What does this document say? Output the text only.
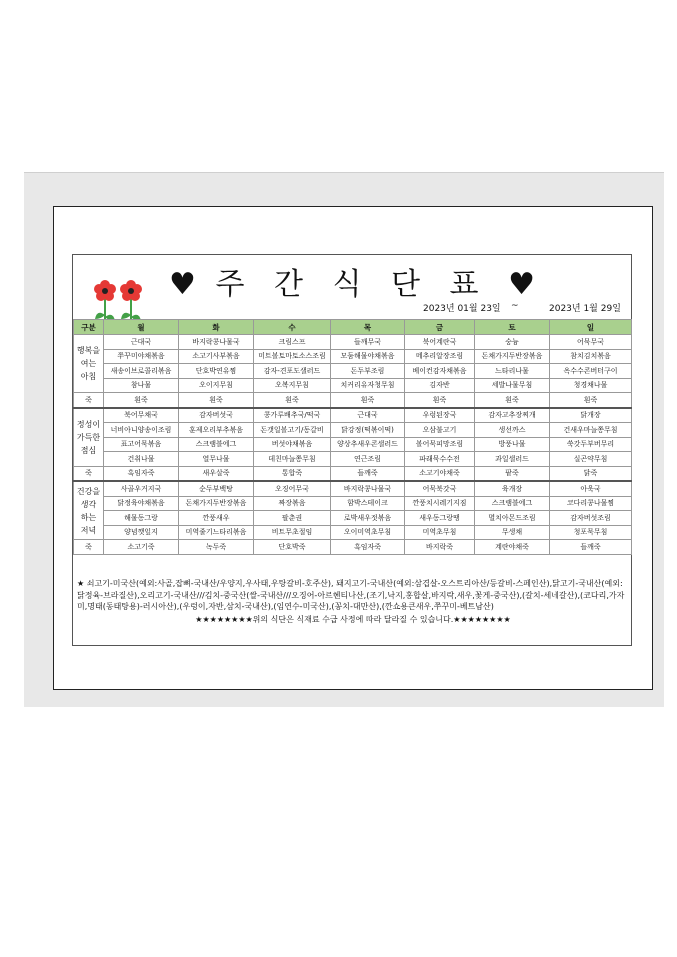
♥ 주 간 식 단 표 ♥
2023년 01월 23일 ~	2023년 1월 29일
구분	월	화	수	목	금	토	일
행복을
여는
아침	근대국	바지락콩나물국	크림스프	들깨무국	북어계란국	숭늉	어묵무국
	쭈꾸미야채볶음	소고기사부볶음	미트볼토마토소스조림	모둠해물야채볶음	메추리알장조림	돈채가지두반장볶음	참치김치볶음
	새송이브로콜리볶음	단호박연유찜	감자-견포도샐러드	돈두부조림	베이컨감자채볶음	느타리나물	옥수수콘버터구이
	참나물	오이지무침	오복지무침	치커리유자청무침	김자반	세발나물무침	청경채나물
죽	흰죽	흰죽	흰죽	흰죽	흰죽	흰죽	흰죽
정성이
가득한
점심	북어무채국	감자버섯국	콩가루배추국/떡국	근대국	우렁된장국	감자고추장찌개	닭개장
	너비아니양송이조림	훈제오리부추볶음	돈갯일볼고기/동갈비	닭강정(떡볶이떡)	오삼불고기	생선까스	건새우마늘쫑무침
	표고어묵볶음	스크램블에그	버섯야채볶음	양상추새우콘샐러드	볼어묵피망조림	방풍나물	쑥갓두부버무리
	건취나물	열무나물	데친마늘쫑무침	연근조림	파래묵수수전	과일샐러드	실곤약무침
죽	흑임자죽	새우살죽	통합죽	들깨죽	소고기야채죽	팥죽	닭죽
건강을
생각
하는
저녁	사골우거지국	순두부백탕	오징어무국	바지락콩나물국	어묵북갓국	육개장	아욱국
	닭정육야채볶음	돈채가지두반장볶음	짜장볶음	함박스테이크	깐풍치시레기지짐	스크램블에그	코다리콩나물찜
	해물동그랑	깐풍새우	팔춘권	로박새우젓볶음	새우동그랑땡	멸치아몬드조림	감자버섯조림
	양념깻잎지	미역줄기느타리볶음	비트무초절임	오이미역초무침	미역초무침	무생채	청포묵무침
죽	소고기죽	녹두죽	단호박죽	흑임자죽	바지락죽	계란야채죽	들깨죽
★ 쇠고기-미국산(예외:사골,잡뼈-국내산/우양지,우사태,우탕갈비-호주산), 돼지고기-국내산(예외:삼겹살-오스트리아산/등갈비-스페인산),닭고기-국내산(예외: 닭정육-브라질산),오리고기-국내산///김치-중국산(쌀-국내산///오징어-아르헨티나산,(조기,낙지,홍합살,바지락,새우,꽃게-중국산),(갈치-세네갈산),(코다리,가자미,명태(동태탕용)-러시아산),(우렁이,자반,삼치-국내산),(임연수-미국산),(꽁치-대만산),(깐쇼용큰새우,쭈꾸미-베트남산)
★★★★★★★★위의 식단은 식재료 수급 사정에 따라 달라질 수 있습니다.★★★★★★★★
